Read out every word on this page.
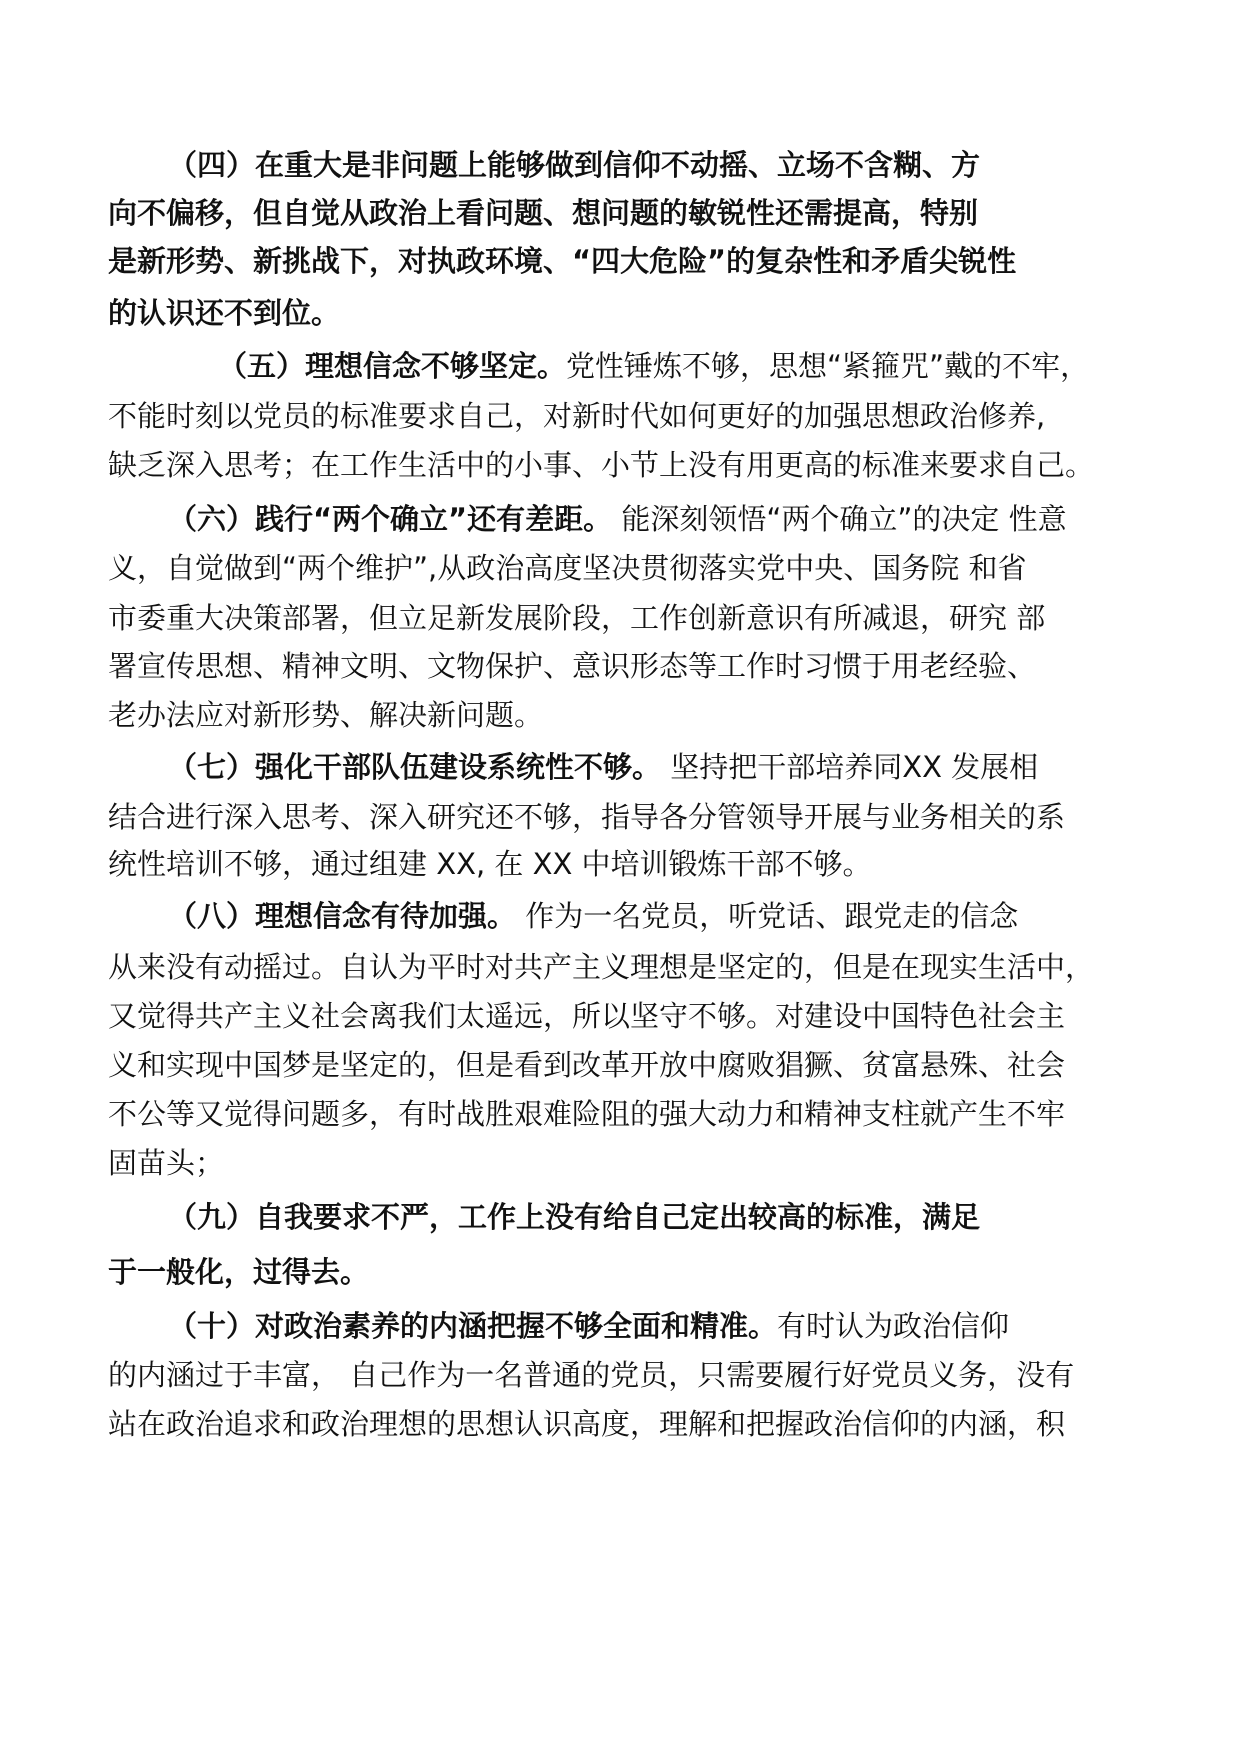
（四）在重大是非问题上能够做到信仰不动摇、立场不含糊、方
向不偏移，但自觉从政治上看问题、想问题的敏锐性还需提高，特别
是新形势、新挑战下，对执政环境、“四大危险”的复杂性和矛盾尖锐性
的认识还不到位。
（五）理想信念不够坚定。党性锤炼不够，思想“紧箍咒”戴的不牢，
不能时刻以党员的标准要求自己，对新时代如何更好的加强思想政治修养,
缺乏深入思考；在工作生活中的小事、小节上没有用更高的标准来要求自己。
（六）践行“两个确立”还有差距。 能深刻领悟“两个确立”的决定 性意
义，自觉做到“两个维护”,从政治高度坚决贯彻落实党中央、国务院 和省
市委重大决策部署，但立足新发展阶段，工作创新意识有所减退，研究 部
署宣传思想、精神文明、文物保护、意识形态等工作时习惯于用老经验、
老办法应对新形势、解决新问题。
（七）强化干部队伍建设系统性不够。 坚持把干部培养同XX 发展相
结合进行深入思考、深入研究还不够，指导各分管领导开展与业务相关的系
统性培训不够，通过组建 XX, 在 XX 中培训锻炼干部不够。
（八）理想信念有待加强。 作为一名党员，听党话、跟党走的信念
从来没有动摇过。自认为平时对共产主义理想是坚定的，但是在现实生活中，
又觉得共产主义社会离我们太遥远，所以坚守不够。对建设中国特色社会主
义和实现中国梦是坚定的，但是看到改革开放中腐败猖獗、贫富悬殊、社会
不公等又觉得问题多，有时战胜艰难险阻的强大动力和精神支柱就产生不牢
固苗头；
（九）自我要求不严，工作上没有给自己定出较高的标准，满足
于一般化，过得去。
（十）对政治素养的内涵把握不够全面和精准。有时认为政治信仰
的内涵过于丰富， 自己作为一名普通的党员，只需要履行好党员义务，没有
站在政治追求和政治理想的思想认识高度，理解和把握政治信仰的内涵，积
